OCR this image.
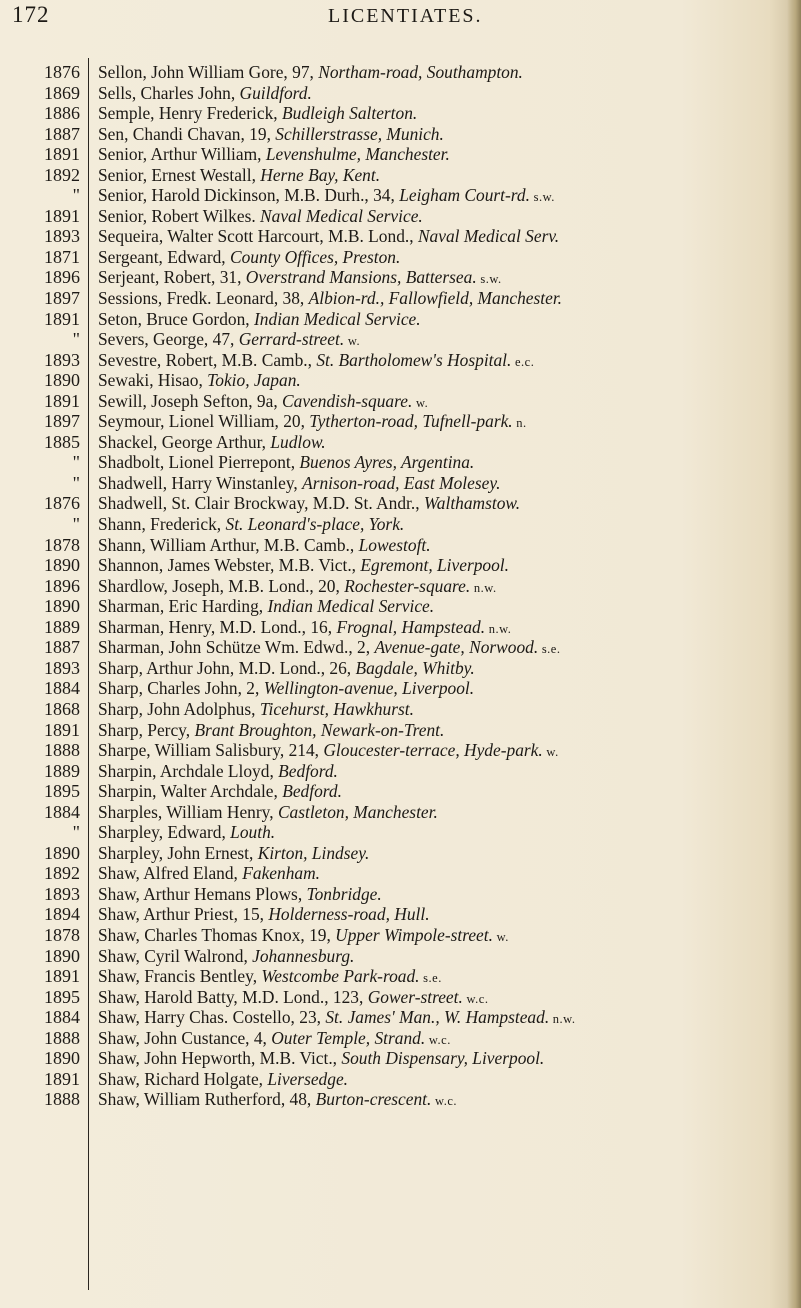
172	LICENTIATES.
1876 Sellon, John William Gore, 97, Northam-road, Southampton.
1869 Sells, Charles John, Guildford.
1886 Semple, Henry Frederick, Budleigh Salterton.
1887 Sen, Chandi Chavan, 19, Schillerstrasse, Munich.
1891 Senior, Arthur William, Levenshulme, Manchester.
1892 Senior, Ernest Westall, Herne Bay, Kent.
" Senior, Harold Dickinson, M.B. Durh., 34, Leigham Court-rd. s.w.
1891 Senior, Robert Wilkes. Naval Medical Service.
1893 Sequeira, Walter Scott Harcourt, M.B. Lond., Naval Medical Serv.
1871 Sergeant, Edward, County Offices, Preston.
1896 Serjeant, Robert, 31, Overstrand Mansions, Battersea. s.w.
1897 Sessions, Fredk. Leonard, 38, Albion-rd., Fallowfield, Manchester.
1891 Seton, Bruce Gordon, Indian Medical Service.
" Severs, George, 47, Gerrard-street. w.
1893 Sevestre, Robert, M.B. Camb., St. Bartholomew's Hospital. e.c.
1890 Sewaki, Hisao, Tokio, Japan.
1891 Sewill, Joseph Sefton, 9a, Cavendish-square. w.
1897 Seymour, Lionel William, 20, Tytherton-road, Tufnell-park. n.
1885 Shackel, George Arthur, Ludlow.
" Shadbolt, Lionel Pierrepont, Buenos Ayres, Argentina.
" Shadwell, Harry Winstanley, Arnison-road, East Molesey.
1876 Shadwell, St. Clair Brockway, M.D. St. Andr., Walthamstow.
" Shann, Frederick, St. Leonard's-place, York.
1878 Shann, William Arthur, M.B. Camb., Lowestoft.
1890 Shannon, James Webster, M.B. Vict., Egremont, Liverpool.
1896 Shardlow, Joseph, M.B. Lond., 20, Rochester-square. n.w.
1890 Sharman, Eric Harding, Indian Medical Service.
1889 Sharman, Henry, M.D. Lond., 16, Frognal, Hampstead. n.w.
1887 Sharman, John Schütze Wm. Edwd., 2, Avenue-gate, Norwood. s.e.
1893 Sharp, Arthur John, M.D. Lond., 26, Bagdale, Whitby.
1884 Sharp, Charles John, 2, Wellington-avenue, Liverpool.
1868 Sharp, John Adolphus, Ticehurst, Hawkhurst.
1891 Sharp, Percy, Brant Broughton, Newark-on-Trent.
1888 Sharpe, William Salisbury, 214, Gloucester-terrace, Hyde-park. w.
1889 Sharpin, Archdale Lloyd, Bedford.
1895 Sharpin, Walter Archdale, Bedford.
1884 Sharples, William Henry, Castleton, Manchester.
" Sharpley, Edward, Louth.
1890 Sharpley, John Ernest, Kirton, Lindsey.
1892 Shaw, Alfred Eland, Fakenham.
1893 Shaw, Arthur Hemans Plows, Tonbridge.
1894 Shaw, Arthur Priest, 15, Holderness-road, Hull.
1878 Shaw, Charles Thomas Knox, 19, Upper Wimpole-street. w.
1890 Shaw, Cyril Walrond, Johannesburg.
1891 Shaw, Francis Bentley, Westcombe Park-road. s.e.
1895 Shaw, Harold Batty, M.D. Lond., 123, Gower-street. w.c.
1884 Shaw, Harry Chas. Costello, 23, St. James' Man., W. Hampstead. n.w.
1888 Shaw, John Custance, 4, Outer Temple, Strand. w.c.
1890 Shaw, John Hepworth, M.B. Vict., South Dispensary, Liverpool.
1891 Shaw, Richard Holgate, Liversedge.
1888 Shaw, William Rutherford, 48, Burton-crescent. w.c.
